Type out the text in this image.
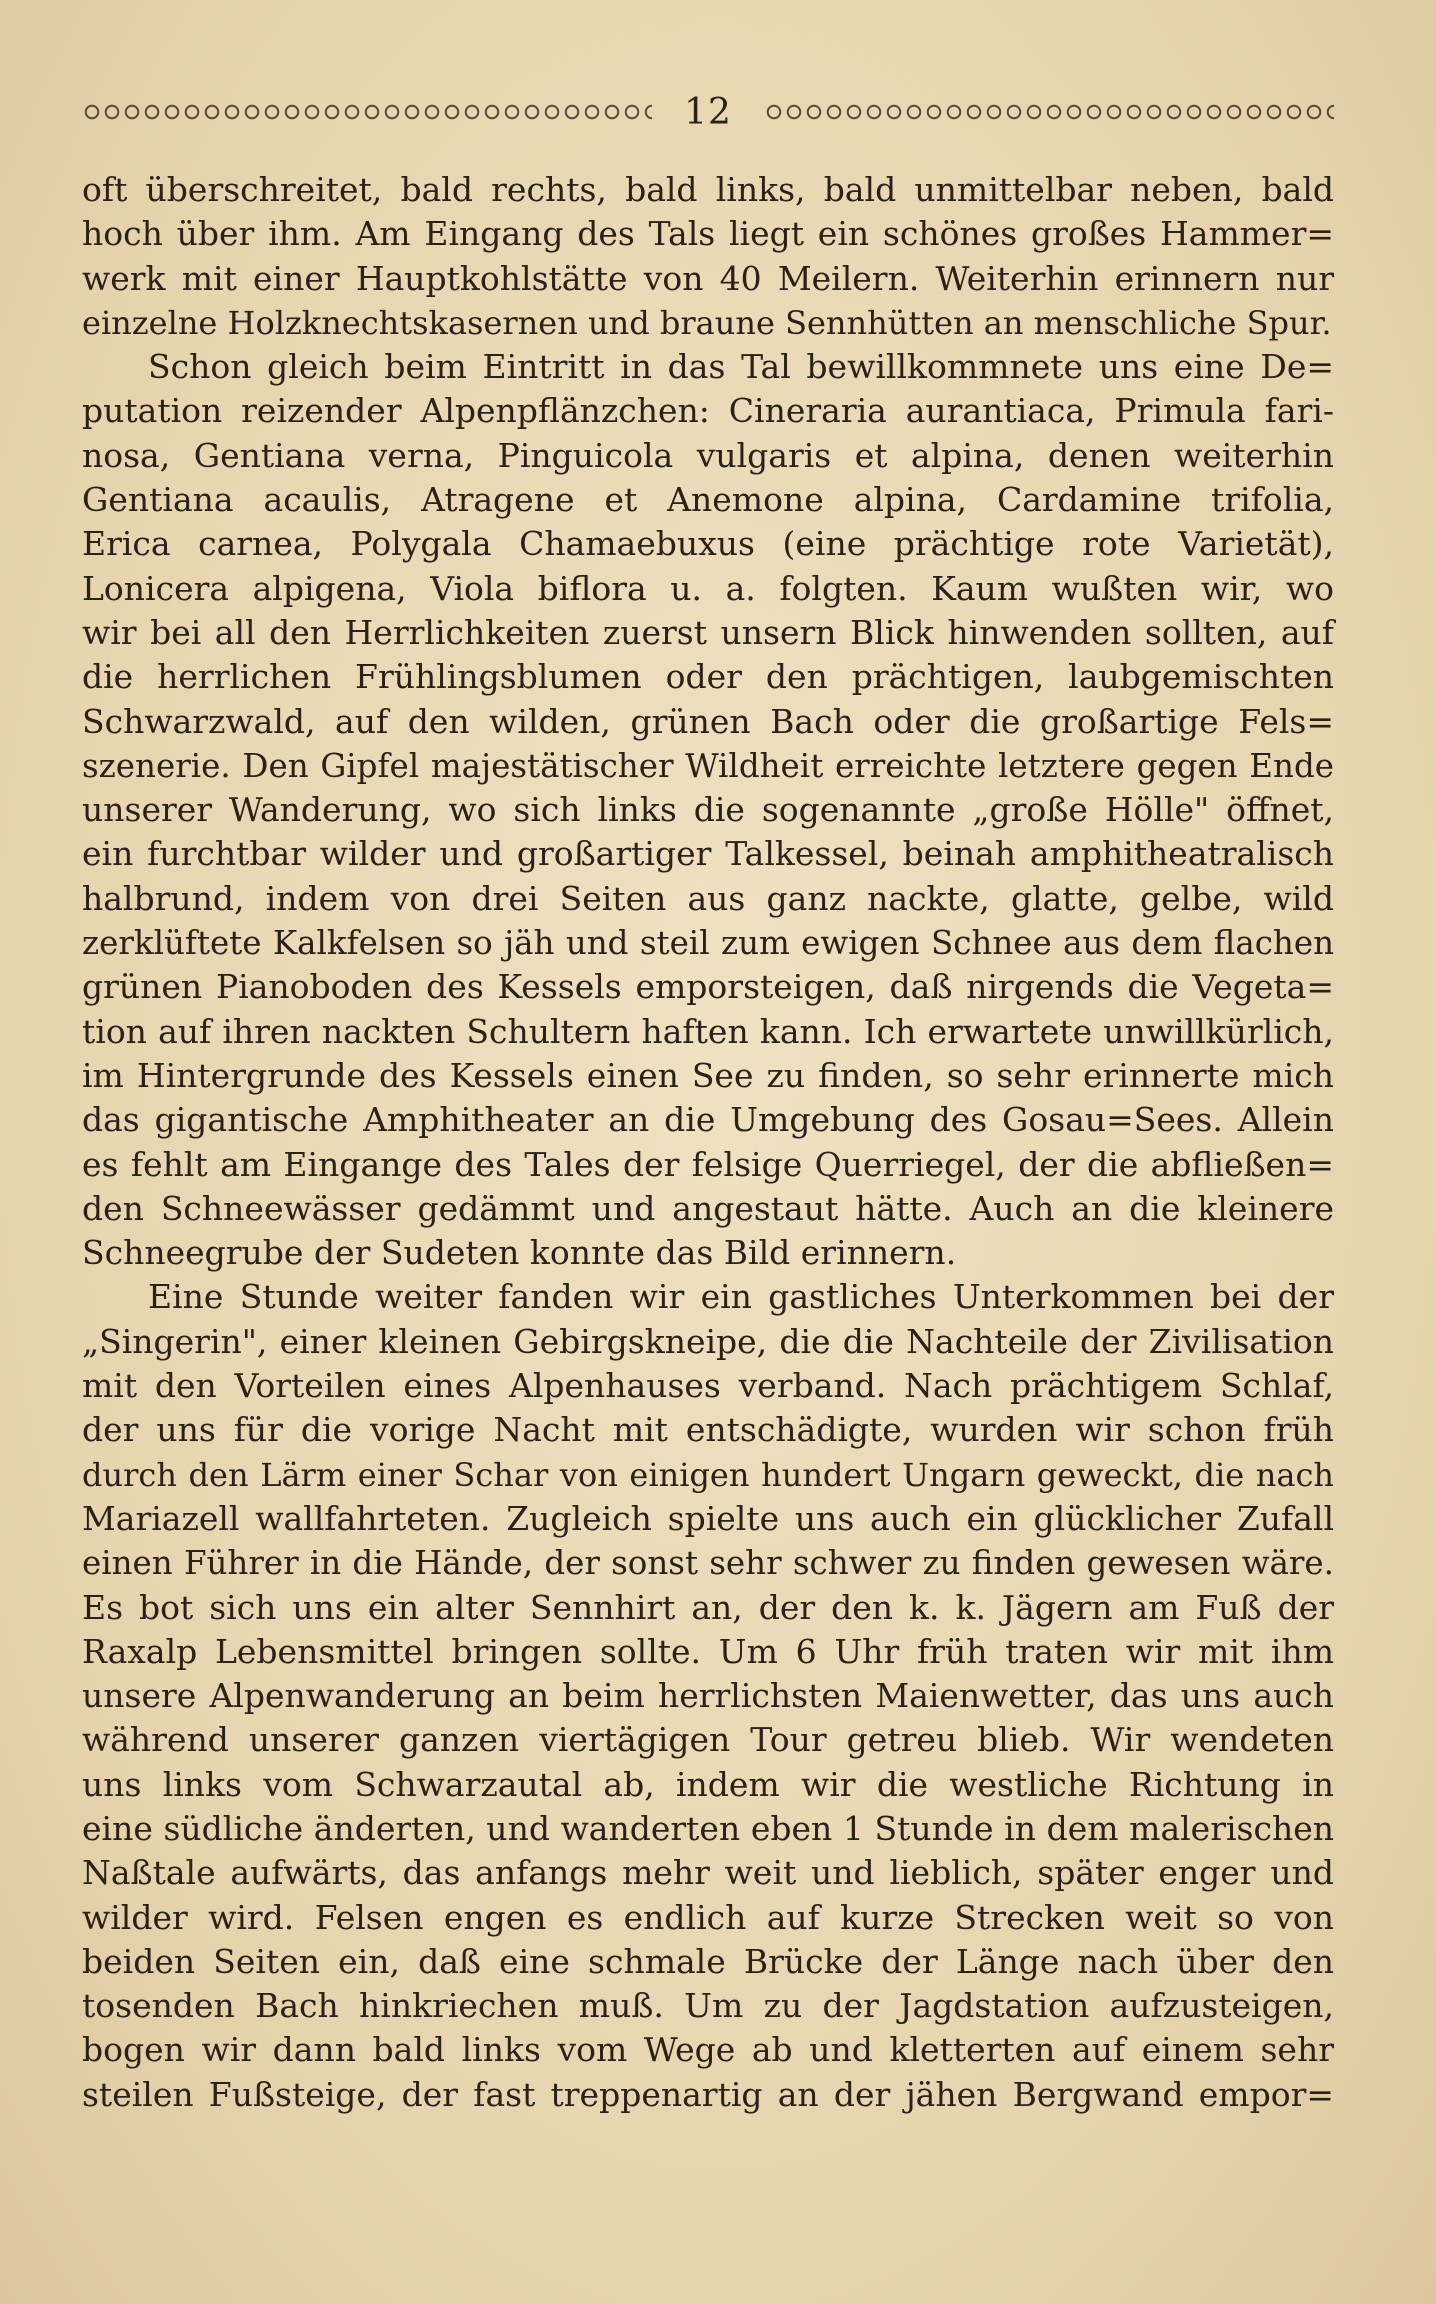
12
oft überschreitet, bald rechts, bald links, bald unmittelbar neben, bald
hoch über ihm. Am Eingang des Tals liegt ein schönes großes Hammer=
werk mit einer Hauptkohlstätte von 40 Meilern. Weiterhin erinnern nur
einzelne Holzknechtskasernen und braune Sennhütten an menschliche Spur.
Schon gleich beim Eintritt in das Tal bewillkommnete uns eine De=
putation reizender Alpenpflänzchen: Cineraria aurantiaca, Primula fari-
nosa, Gentiana verna, Pinguicola vulgaris et alpina, denen weiterhin
Gentiana acaulis, Atragene et Anemone alpina, Cardamine trifolia,
Erica carnea, Polygala Chamaebuxus (eine prächtige rote Varietät),
Lonicera alpigena, Viola biflora u. a. folgten. Kaum wußten wir, wo
wir bei all den Herrlichkeiten zuerst unsern Blick hinwenden sollten, auf
die herrlichen Frühlingsblumen oder den prächtigen, laubgemischten
Schwarzwald, auf den wilden, grünen Bach oder die großartige Fels=
szenerie. Den Gipfel majestätischer Wildheit erreichte letztere gegen Ende
unserer Wanderung, wo sich links die sogenannte „große Hölle" öffnet,
ein furchtbar wilder und großartiger Talkessel, beinah amphitheatralisch
halbrund, indem von drei Seiten aus ganz nackte, glatte, gelbe, wild
zerklüftete Kalkfelsen so jäh und steil zum ewigen Schnee aus dem flachen
grünen Pianoboden des Kessels emporsteigen, daß nirgends die Vegeta=
tion auf ihren nackten Schultern haften kann. Ich erwartete unwillkürlich,
im Hintergrunde des Kessels einen See zu finden, so sehr erinnerte mich
das gigantische Amphitheater an die Umgebung des Gosau=Sees. Allein
es fehlt am Eingange des Tales der felsige Querriegel, der die abfließen=
den Schneewässer gedämmt und angestaut hätte. Auch an die kleinere
Schneegrube der Sudeten konnte das Bild erinnern.
Eine Stunde weiter fanden wir ein gastliches Unterkommen bei der
„Singerin", einer kleinen Gebirgskneipe, die die Nachteile der Zivilisation
mit den Vorteilen eines Alpenhauses verband. Nach prächtigem Schlaf,
der uns für die vorige Nacht mit entschädigte, wurden wir schon früh
durch den Lärm einer Schar von einigen hundert Ungarn geweckt, die nach
Mariazell wallfahrteten. Zugleich spielte uns auch ein glücklicher Zufall
einen Führer in die Hände, der sonst sehr schwer zu finden gewesen wäre.
Es bot sich uns ein alter Sennhirt an, der den k. k. Jägern am Fuß der
Raxalp Lebensmittel bringen sollte. Um 6 Uhr früh traten wir mit ihm
unsere Alpenwanderung an beim herrlichsten Maienwetter, das uns auch
während unserer ganzen viertägigen Tour getreu blieb. Wir wendeten
uns links vom Schwarzautal ab, indem wir die westliche Richtung in
eine südliche änderten, und wanderten eben 1 Stunde in dem malerischen
Naßtale aufwärts, das anfangs mehr weit und lieblich, später enger und
wilder wird. Felsen engen es endlich auf kurze Strecken weit so von
beiden Seiten ein, daß eine schmale Brücke der Länge nach über den
tosenden Bach hinkriechen muß. Um zu der Jagdstation aufzusteigen,
bogen wir dann bald links vom Wege ab und kletterten auf einem sehr
steilen Fußsteige, der fast treppenartig an der jähen Bergwand empor=
